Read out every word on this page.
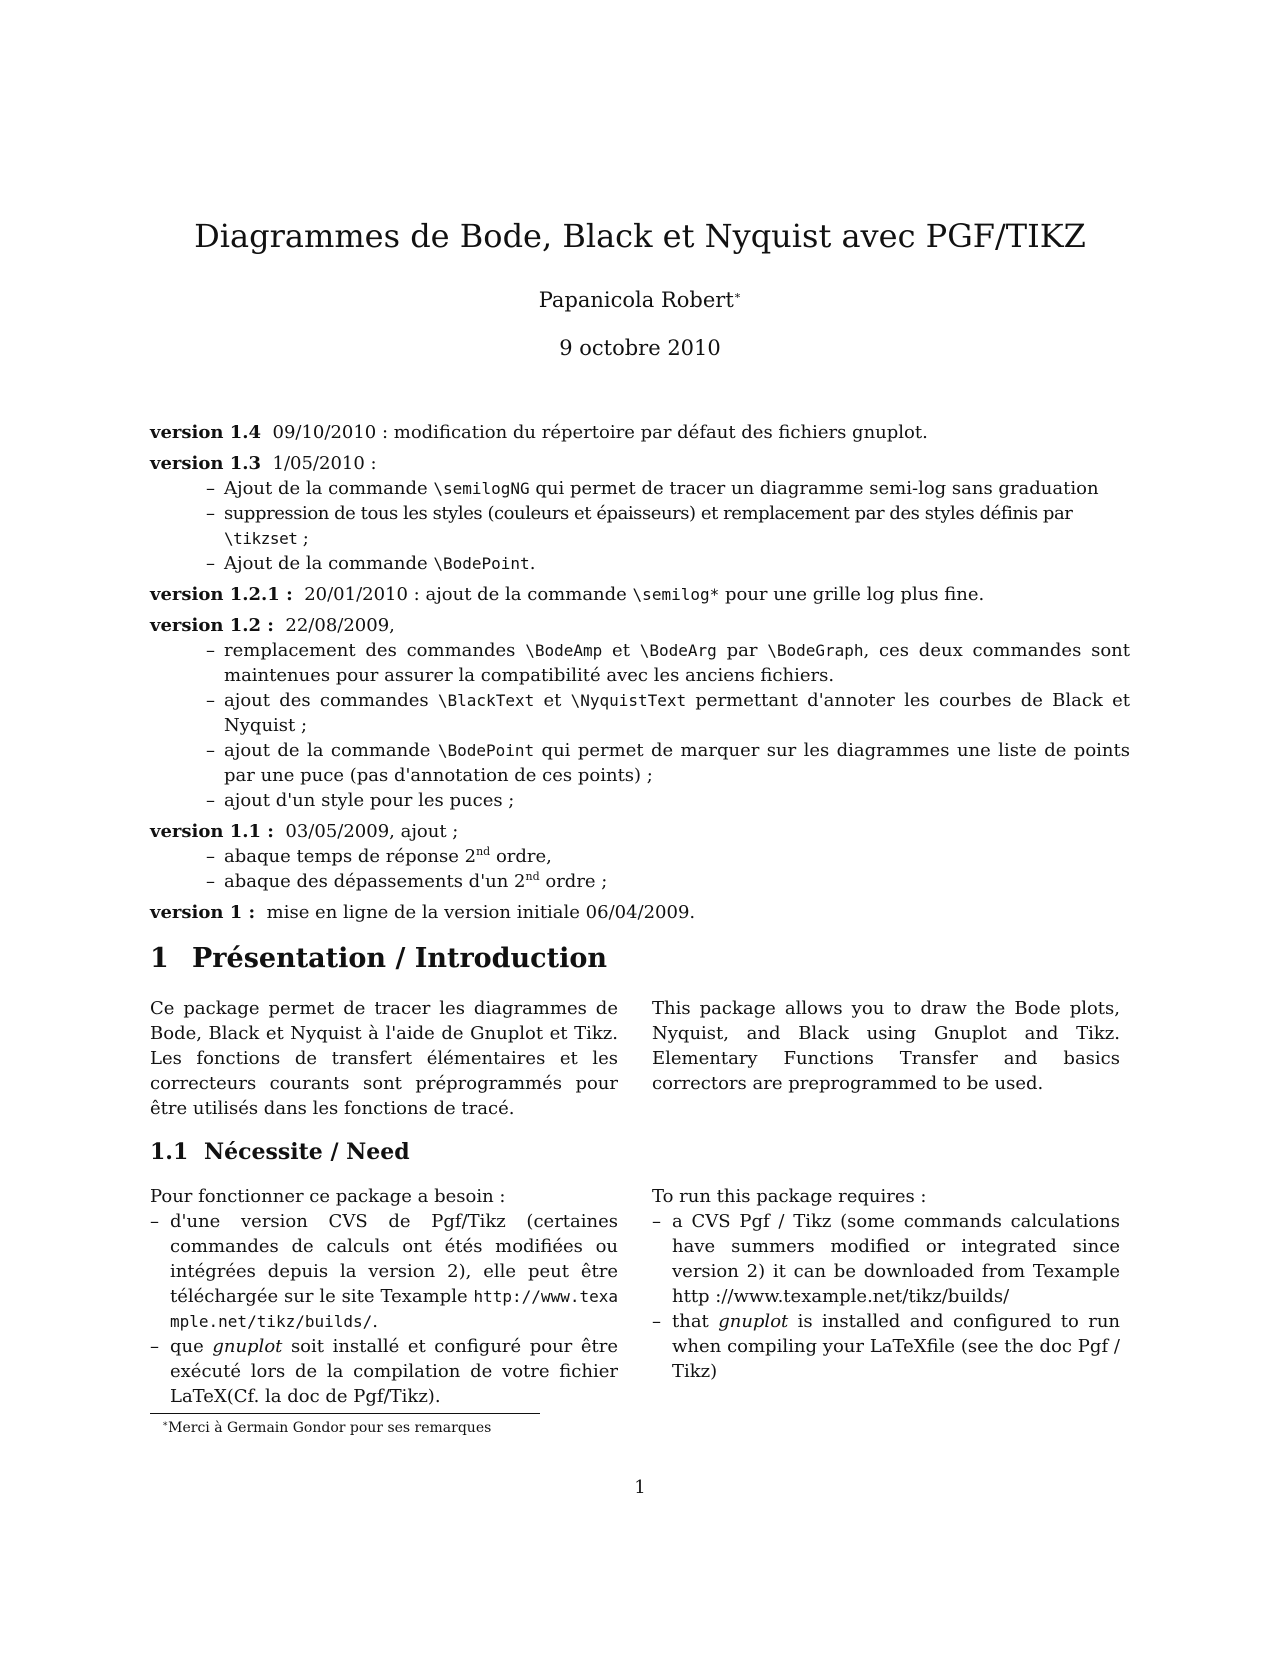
Diagrammes de Bode, Black et Nyquist avec PGF/TIKZ
Papanicola Robert∗
9 octobre 2010
version 1.4 09/10/2010 : modification du répertoire par défaut des fichiers gnuplot.
version 1.3 1/05/2010 :
– Ajout de la commande \semilogNG qui permet de tracer un diagramme semi-log sans graduation
– suppression de tous les styles (couleurs et épaisseurs) et remplacement par des styles définis par \tikzset ;
– Ajout de la commande \BodePoint.
version 1.2.1 : 20/01/2010 : ajout de la commande \semilog* pour une grille log plus fine.
version 1.2 : 22/08/2009,
– remplacement des commandes \BodeAmp et \BodeArg par \BodeGraph, ces deux commandes sont maintenues pour assurer la compatibilité avec les anciens fichiers.
– ajout des commandes \BlackText et \NyquistText permettant d'annoter les courbes de Black et Nyquist ;
– ajout de la commande \BodePoint qui permet de marquer sur les diagrammes une liste de points par une puce (pas d'annotation de ces points) ;
– ajout d'un style pour les puces ;
version 1.1 : 03/05/2009, ajout ;
– abaque temps de réponse 2nd ordre,
– abaque des dépassements d'un 2nd ordre ;
version 1 : mise en ligne de la version initiale 06/04/2009.
1 Présentation / Introduction
Ce package permet de tracer les diagrammes de Bode, Black et Nyquist à l'aide de Gnuplot et Tikz. Les fonctions de transfert élémentaires et les correcteurs courants sont préprogrammés pour être utilisés dans les fonctions de tracé.
This package allows you to draw the Bode plots, Nyquist, and Black using Gnuplot and Tikz. Elementary Functions Transfer and basics correctors are preprogrammed to be used.
1.1 Nécessite / Need
Pour fonctionner ce package a besoin :
– d'une version CVS de Pgf/Tikz (certaines commandes de calculs ont étés modifiées ou intégrées depuis la version 2), elle peut être téléchargée sur le site Texample http://www.texample.net/tikz/builds/.
– que gnuplot soit installé et configuré pour être exécuté lors de la compilation de votre fichier LaTeX(Cf. la doc de Pgf/Tikz).
To run this package requires :
– a CVS Pgf / Tikz (some commands calculations have summers modified or integrated since version 2) it can be downloaded from Texample http ://www.texample.net/tikz/builds/
– that gnuplot is installed and configured to run when compiling your LaTeXfile (see the doc Pgf / Tikz)
∗Merci à Germain Gondor pour ses remarques
1
